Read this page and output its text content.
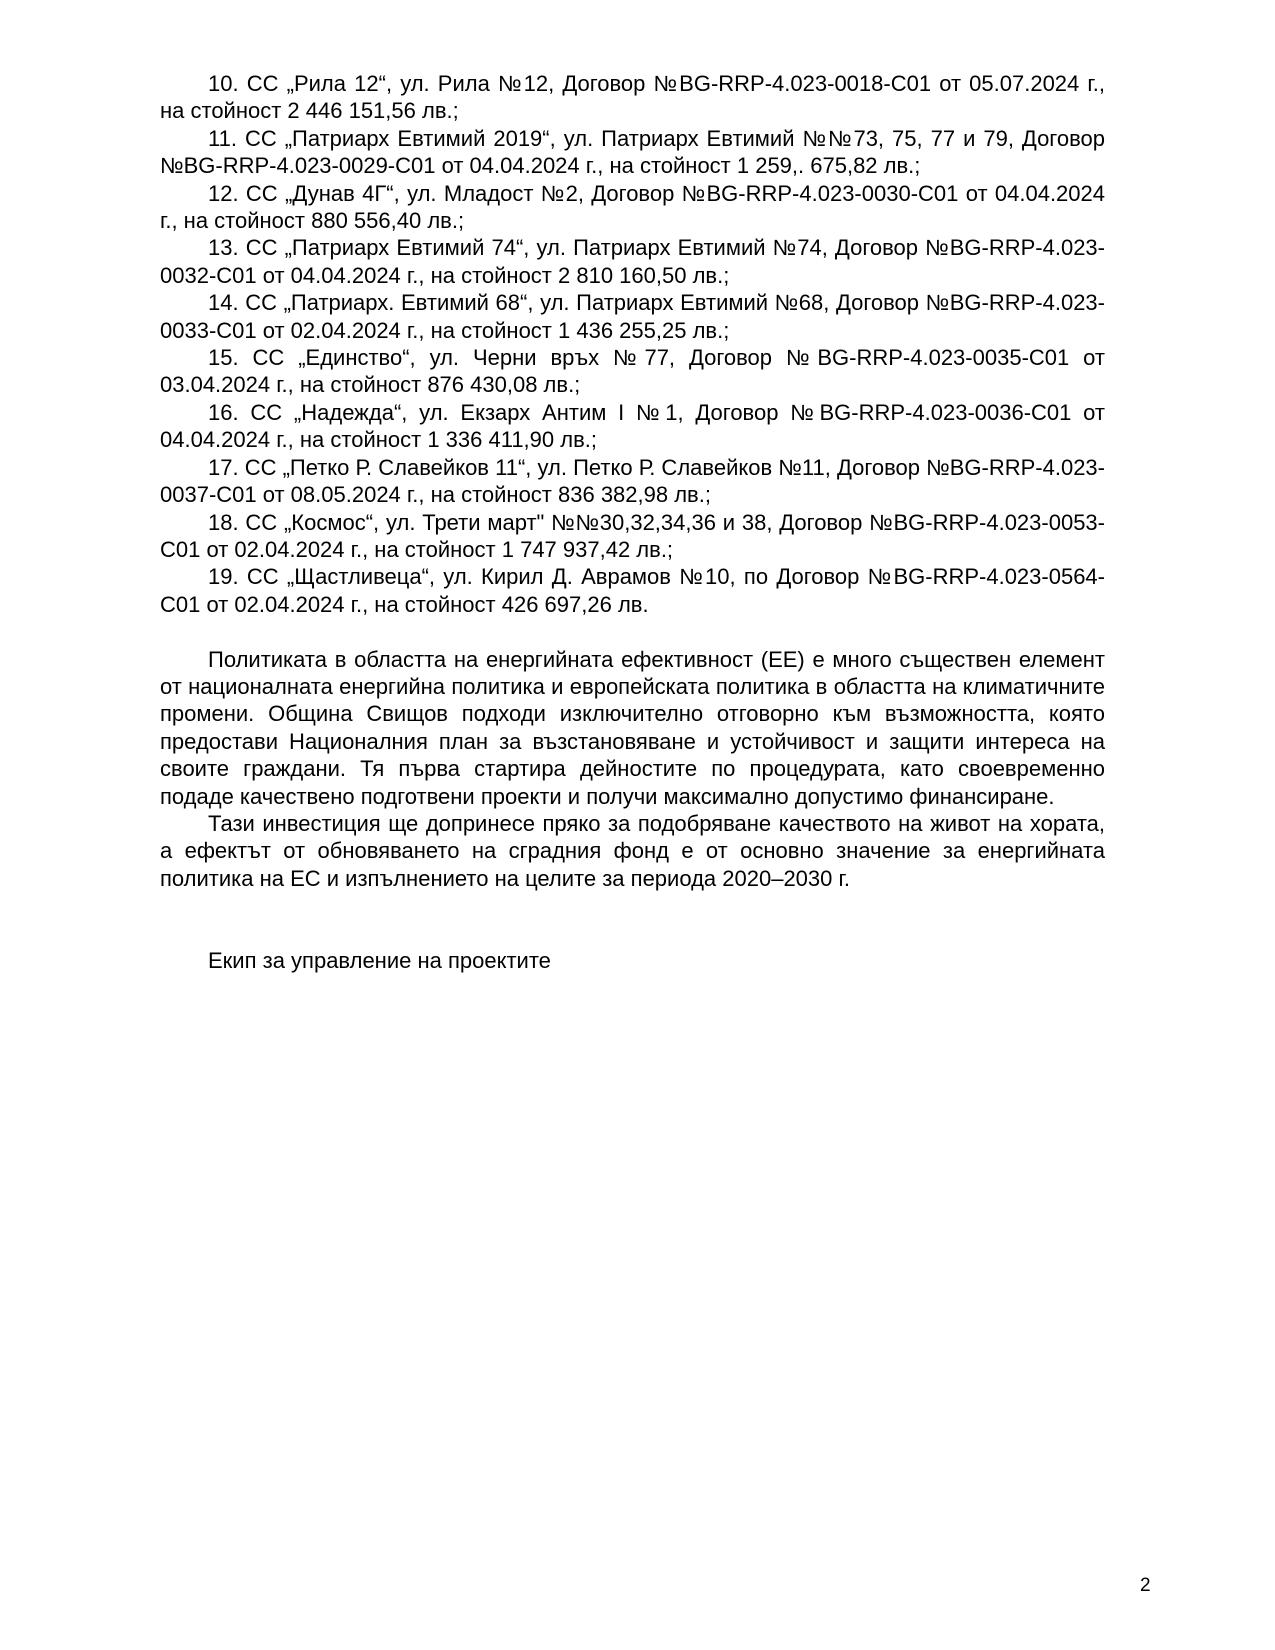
10. СС „Рила 12“, ул. Рила №12, Договор №BG-RRP-4.023-0018-C01 от 05.07.2024 г., на стойност 2 446 151,56 лв.;

11. СС „Патриарх Евтимий 2019“, ул. Патриарх Евтимий №№73, 75, 77 и 79, Договор №BG-RRP-4.023-0029-C01 от 04.04.2024 г., на стойност 1 259,. 675,82 лв.;

12. СС „Дунав 4Г“, ул. Младост №2, Договор №BG-RRP-4.023-0030-C01 от 04.04.2024 г., на стойност 880 556,40 лв.;

13. СС „Патриарх Евтимий 74“, ул. Патриарх Евтимий №74, Договор №BG-RRP-4.023-0032-C01 от 04.04.2024 г., на стойност 2 810 160,50 лв.;

14. СС „Патриарх. Евтимий 68“, ул. Патриарх Евтимий №68, Договор №BG-RRP-4.023-0033-C01 от 02.04.2024 г., на стойност 1 436 255,25 лв.;

15. СС „Единство“, ул. Черни връх №77, Договор №BG-RRP-4.023-0035-C01 от 03.04.2024 г., на стойност 876 430,08 лв.;

16. СС „Надежда“, ул. Екзарх Антим I №1, Договор №BG-RRP-4.023-0036-C01 от 04.04.2024 г., на стойност 1 336 411,90 лв.;

17. СС „Петко Р. Славейков 11“, ул. Петко Р. Славейков №11, Договор №BG-RRP-4.023-0037-C01 от 08.05.2024 г., на стойност 836 382,98 лв.;

18. СС „Космос“, ул. Трети март" №№30,32,34,36 и 38, Договор №BG-RRP-4.023-0053-C01 от 02.04.2024 г., на стойност 1 747 937,42 лв.;

19. СС „Щастливеца“, ул. Кирил Д. Аврамов №10, по Договор №BG-RRP-4.023-0564-C01 от 02.04.2024 г., на стойност 426 697,26 лв.

Политиката в областта на енергийната ефективност (ЕЕ) е много съществен елемент от националната енергийна политика и европейската политика в областта на климатичните промени. Община Свищов подходи изключително отговорно към възможността, която предостави Националния план за възстановяване и устойчивост и защити интереса на своите граждани. Тя първа стартира дейностите по процедурата, като своевременно подаде качествено подготвени проекти и получи максимално допустимо финансиране.

Тази инвестиция ще допринесе пряко за подобряване качеството на живот на хората, а ефектът от обновяването на сградния фонд е от основно значение за енергийната политика на ЕС и изпълнението на целите за периода 2020–2030 г.

Екип за управление на проектите

2
